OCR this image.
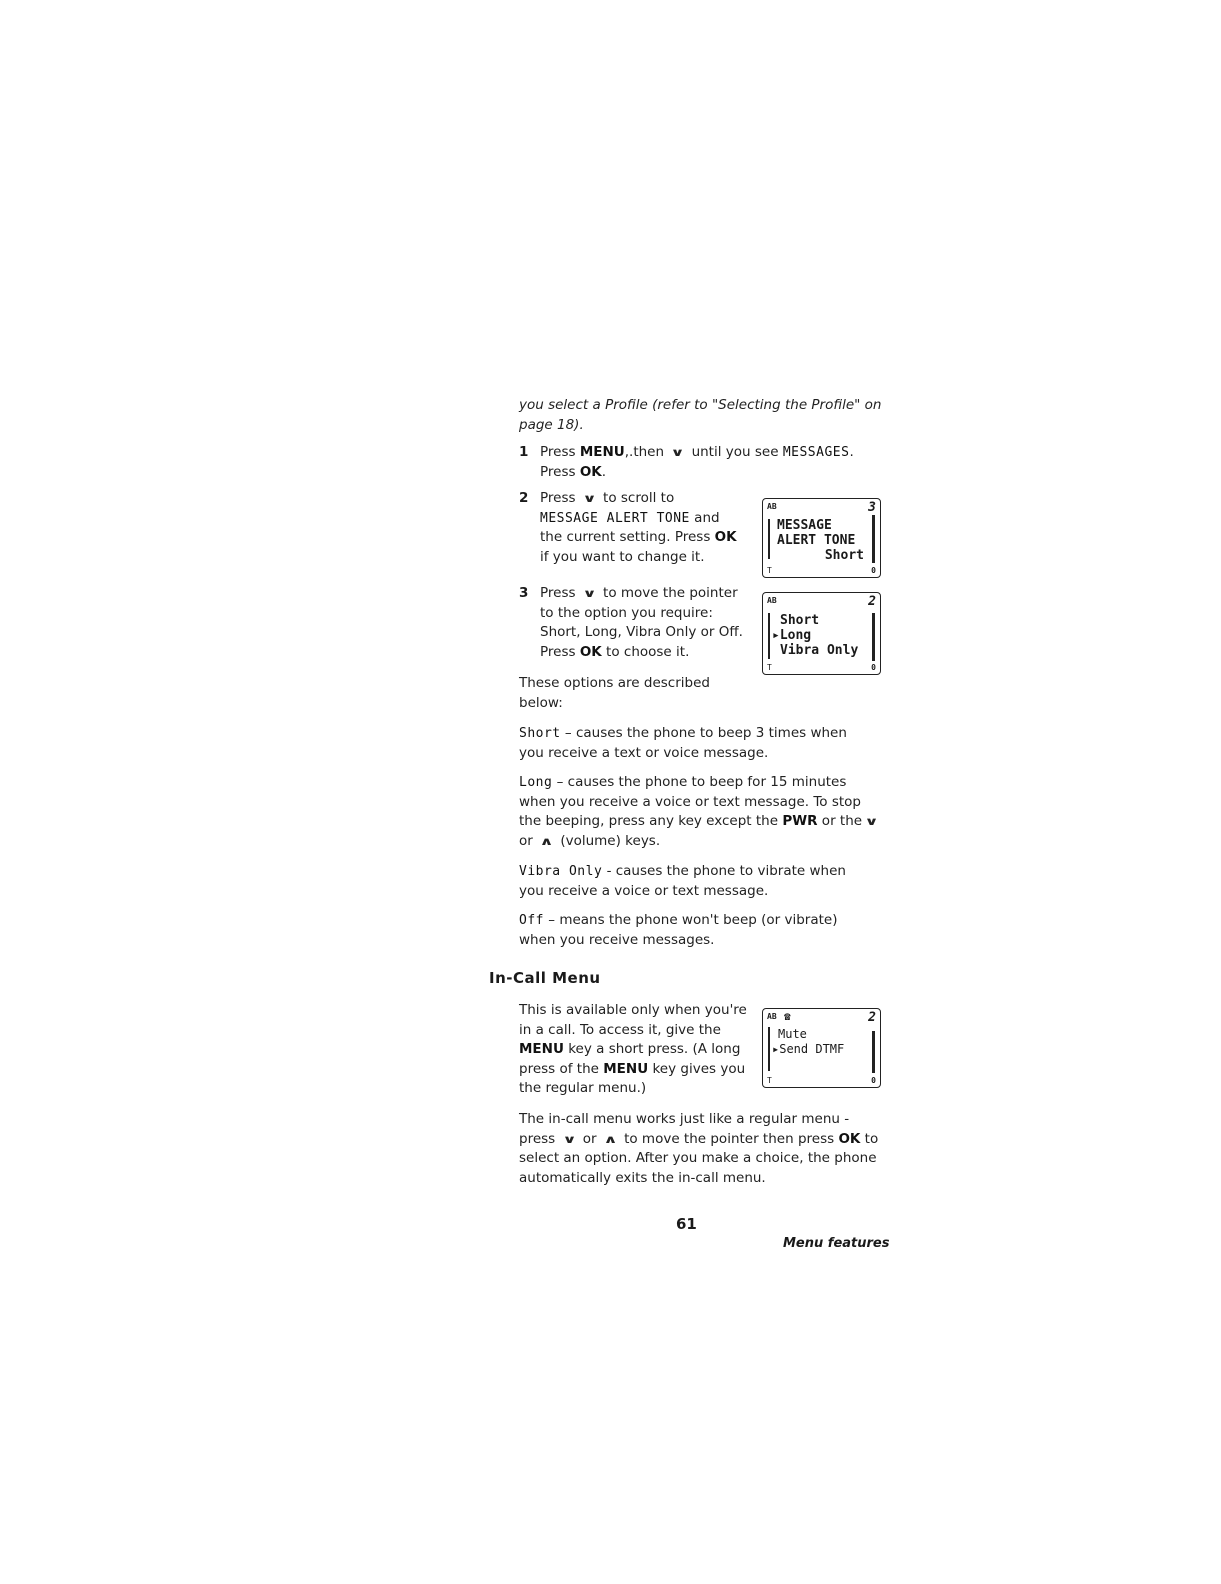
you select a Profile (refer to "Selecting the Profile" on
page 18).
1 Press MENU,.then ∨ until you see MESSAGES.
Press OK.
2 Press ∨ to scroll to
MESSAGE ALERT TONE and
the current setting. Press OK
if you want to change it.
AB	3
MESSAGE
ALERT TONE
Short
T	0
3 Press ∨ to move the pointer
to the option you require:
Short, Long, Vibra Only or Off.
Press OK to choose it.
AB	2
Short
▸Long
Vibra Only
T	0
These options are described
below:
Short – causes the phone to beep 3 times when
you receive a text or voice message.
Long – causes the phone to beep for 15 minutes
when you receive a voice or text message. To stop
the beeping, press any key except the PWR or the ∨
or ∧ (volume) keys.
Vibra Only - causes the phone to vibrate when
you receive a voice or text message.
Off – means the phone won't beep (or vibrate)
when you receive messages.
In-Call Menu
This is available only when you're
in a call. To access it, give the
MENU key a short press. (A long
press of the MENU key gives you
the regular menu.)
AB ☎	2
Mute
▸Send DTMF
T	0
The in-call menu works just like a regular menu -
press ∨ or ∧ to move the pointer then press OK to
select an option. After you make a choice, the phone
automatically exits the in-call menu.
61
Menu features
